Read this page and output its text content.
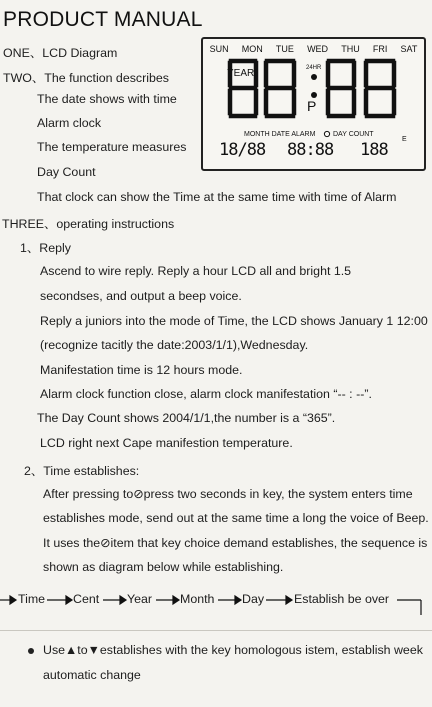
PRODUCT MANUAL
ONE、LCD Diagram
TWO、The function describes
The date shows with time
Alarm clock
The temperature measures
Day Count
That clock can show the Time at the same time with time of Alarm
THREE、operating instructions
1、Reply
Ascend to wire reply. Reply a hour LCD all and bright 1.5
secondses, and output a beep voice.
Reply a juniors into the mode of Time, the LCD shows January 1 12:00
(recognize tacitly the date:2003/1/1),Wednesday.
Manifestation time is 12 hours mode.
Alarm clock function close, alarm clock manifestation “-- : --”.
The Day Count shows 2004/1/1,the number is a “365”.
LCD right next Cape manifestion temperature.
2、Time establishes:
After pressing to⊘press two seconds in key, the system enters time
establishes mode, send out at the same time a long the voice of Beep.
It uses the⊘item that key choice demand establishes, the sequence is
shown as diagram below while establishing.
SUN MON TUE WED THU FRI SAT
YEAR	24HR
P
MONTH DATE ALARM	DAY COUNT
18/88 88:88 188
E
Time Cent Year Month Day Establish be over
Use▲to▼establishes with the key homologous istem, establish week
automatic change
